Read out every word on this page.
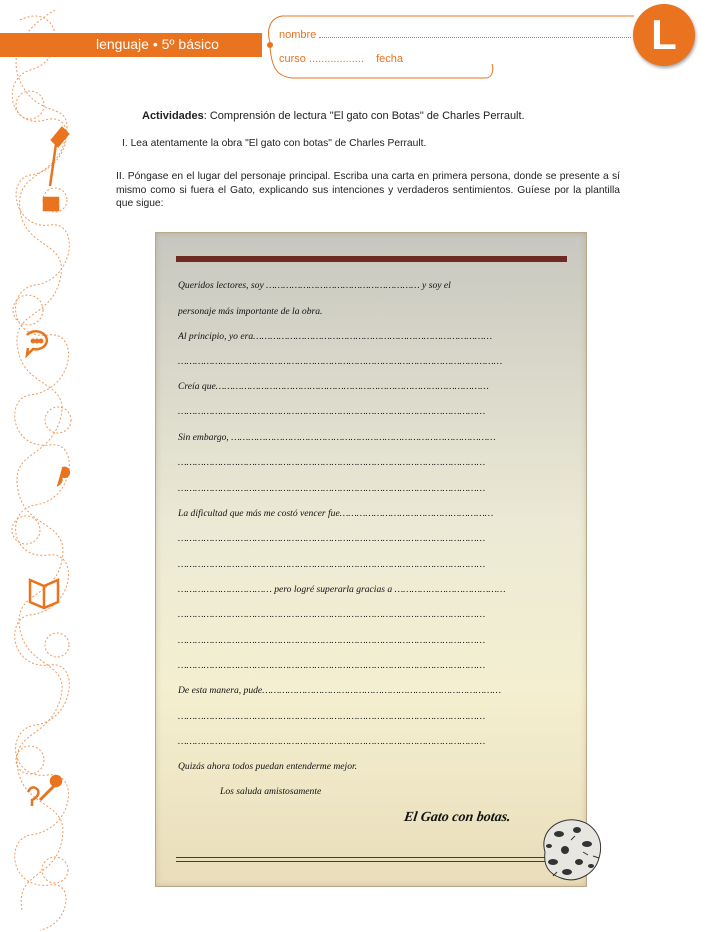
lenguaje • 5º básico
nombre
curso .................. fecha
L
Actividades: Comprensión de lectura "El gato con Botas" de Charles Perrault.
I. Lea atentamente la obra "El gato con botas" de Charles Perrault.
II. Póngase en el lugar del personaje principal. Escriba una carta en primera persona, donde se presente a sí mismo como si fuera el Gato, explicando sus intenciones y verdaderos sentimientos. Guíese por la plantilla que sigue:
Queridos lectores, soy ……………………………………………… y soy el
personaje más importante de la obra.
Al principio, yo era…………………………………………………………………………
……………………………………………………………………………………………………
Creía que……………………………………………………………………………………
………………………………………………………………………………………………
Sin embargo, …………………………………………………………………………………
………………………………………………………………………………………………
………………………………………………………………………………………………
La dificultad que más me costó vencer fue………………………………………………
………………………………………………………………………………………………
………………………………………………………………………………………………
…………………………… pero logré superarla gracias a …………………………………
………………………………………………………………………………………………
………………………………………………………………………………………………
………………………………………………………………………………………………
De esta manera, pude…………………………………………………………………………
………………………………………………………………………………………………
………………………………………………………………………………………………
Quizás ahora todos puedan entenderme mejor.
Los saluda amistosamente
El Gato con botas.
